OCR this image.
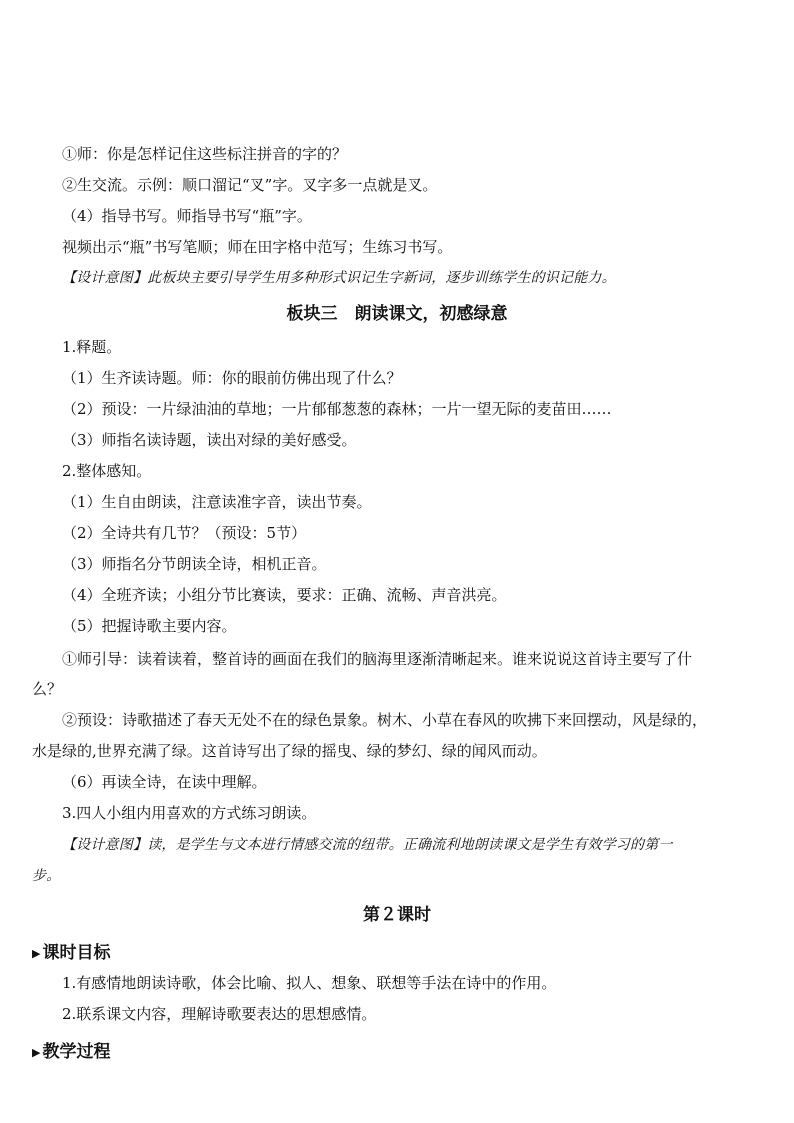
①师：你是怎样记住这些标注拼音的字的？
②生交流。示例：顺口溜记“叉”字。叉字多一点就是叉。
（4）指导书写。师指导书写“瓶”字。
视频出示“瓶”书写笔顺；师在田字格中范写；生练习书写。
【设计意图】此板块主要引导学生用多种形式识记生字新词，逐步训练学生的识记能力。
板块三　朗读课文，初感绿意
1.释题。
（1）生齐读诗题。师：你的眼前仿佛出现了什么？
（2）预设：一片绿油油的草地；一片郁郁葱葱的森林；一片一望无际的麦苗田……
（3）师指名读诗题，读出对绿的美好感受。
2.整体感知。
（1）生自由朗读，注意读准字音，读出节奏。
（2）全诗共有几节？（预设：5节）
（3）师指名分节朗读全诗，相机正音。
（4）全班齐读；小组分节比赛读，要求：正确、流畅、声音洪亮。
（5）把握诗歌主要内容。
①师引导：读着读着，整首诗的画面在我们的脑海里逐渐清晰起来。谁来说说这首诗主要写了什
么？
②预设：诗歌描述了春天无处不在的绿色景象。树木、小草在春风的吹拂下来回摆动，风是绿的，
水是绿的,世界充满了绿。这首诗写出了绿的摇曳、绿的梦幻、绿的闻风而动。
（6）再读全诗，在读中理解。
3.四人小组内用喜欢的方式练习朗读。
【设计意图】读，是学生与文本进行情感交流的纽带。正确流利地朗读课文是学生有效学习的第一
步。
第２课时
▶ 课时目标
1.有感情地朗读诗歌，体会比喻、拟人、想象、联想等手法在诗中的作用。
2.联系课文内容，理解诗歌要表达的思想感情。
▶ 教学过程
